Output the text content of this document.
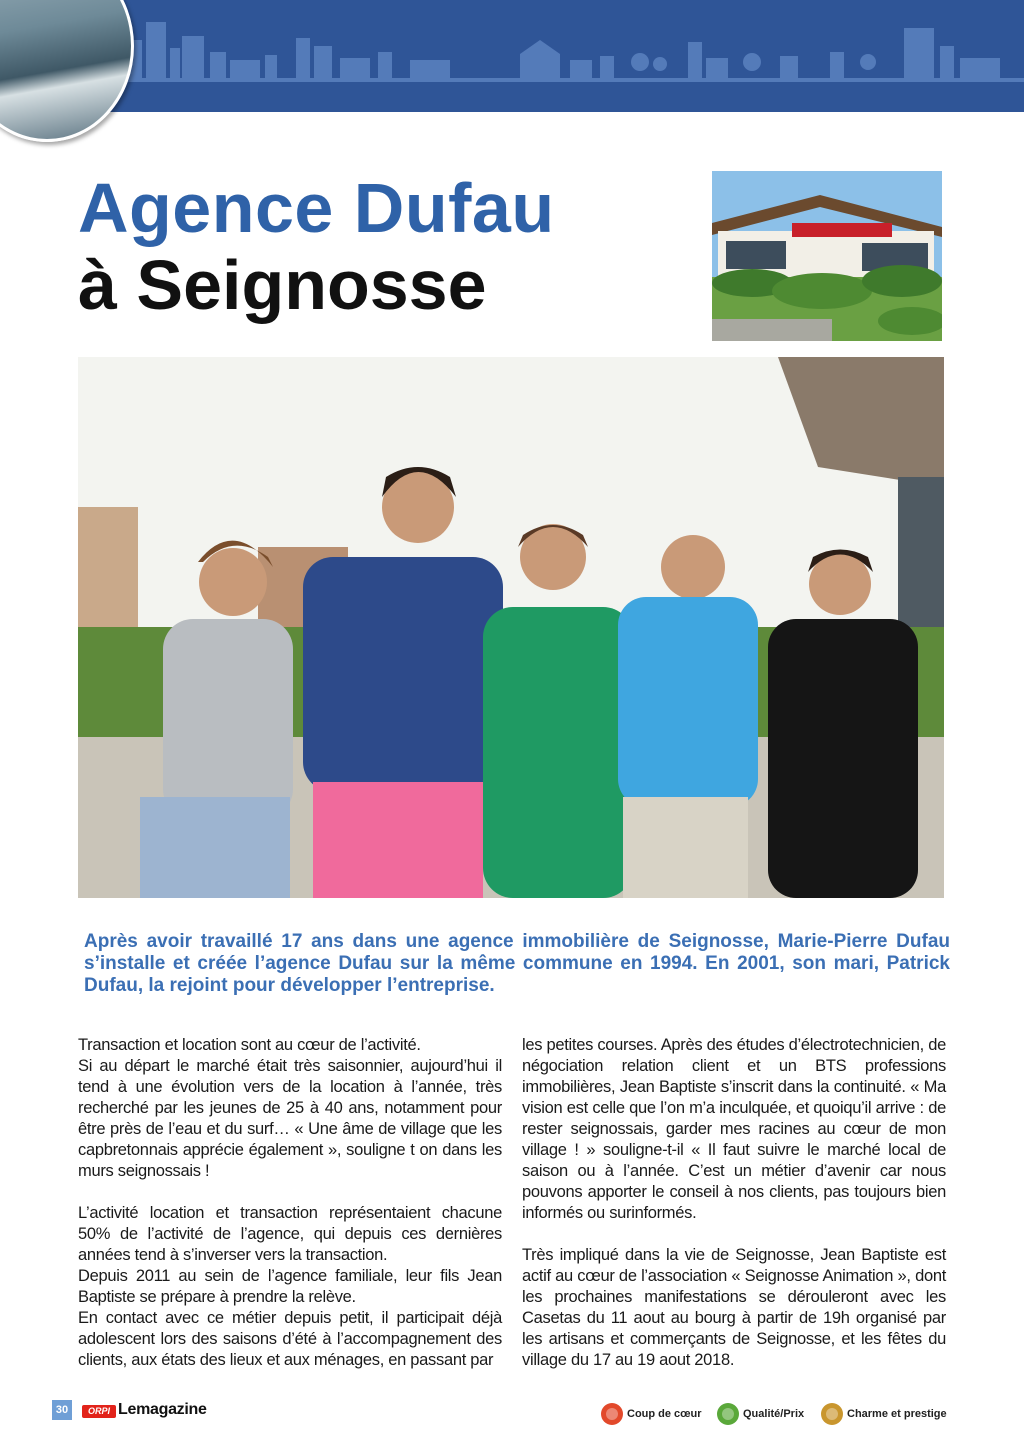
Agence Dufau
à Seignosse

Après avoir travaillé 17 ans dans une agence immobilière de Seignosse, Marie-Pierre Dufau s’installe et créée l’agence Dufau sur la même commune en 1994. En 2001, son mari, Patrick Dufau, la rejoint pour développer l’entreprise.

Transaction et location sont au cœur de l’activité.

Si au départ le marché était très saisonnier, aujourd’hui il tend à une évolution vers de la location à l’année, très recherché par les jeunes de 25 à 40 ans, notamment pour être près de l’eau et du surf… « Une âme de village que les capbretonnais apprécie également », souligne t on dans les murs seignossais !

L’activité location et transaction représentaient chacune 50% de l’activité de l’agence, qui depuis ces dernières années tend à s’inverser vers la transaction.

Depuis 2011 au sein de l’agence familiale, leur fils Jean Baptiste se prépare à prendre la relève.

En contact avec ce métier depuis petit, il participait déjà adolescent lors des saisons d’été à l’accompagnement des clients, aux états des lieux et aux ménages, en passant par

les petites courses. Après des études d’électrotechnicien, de négociation relation client et un BTS professions immobilières, Jean Baptiste s’inscrit dans la continuité. « Ma vision est celle que l’on m’a inculquée, et quoiqu’il arrive : de rester seignossais, garder mes racines au cœur de mon village ! » souligne-t-il « Il faut suivre le marché local de saison ou à l’année. C’est un métier d’avenir car nous pouvons apporter le conseil à nos clients, pas toujours bien informés ou surinformés.

Très impliqué dans la vie de Seignosse, Jean Baptiste est actif au cœur de l’association « Seignosse Animation », dont les prochaines manifestations se dérouleront avec les Casetas du 11 aout au bourg à partir de 19h organisé par les artisans et commerçants de Seignosse, et les fêtes du village du 17 au 19 aout 2018.

30	ORPI Lemagazine	Coup de cœur	Qualité/Prix	Charme et prestige
